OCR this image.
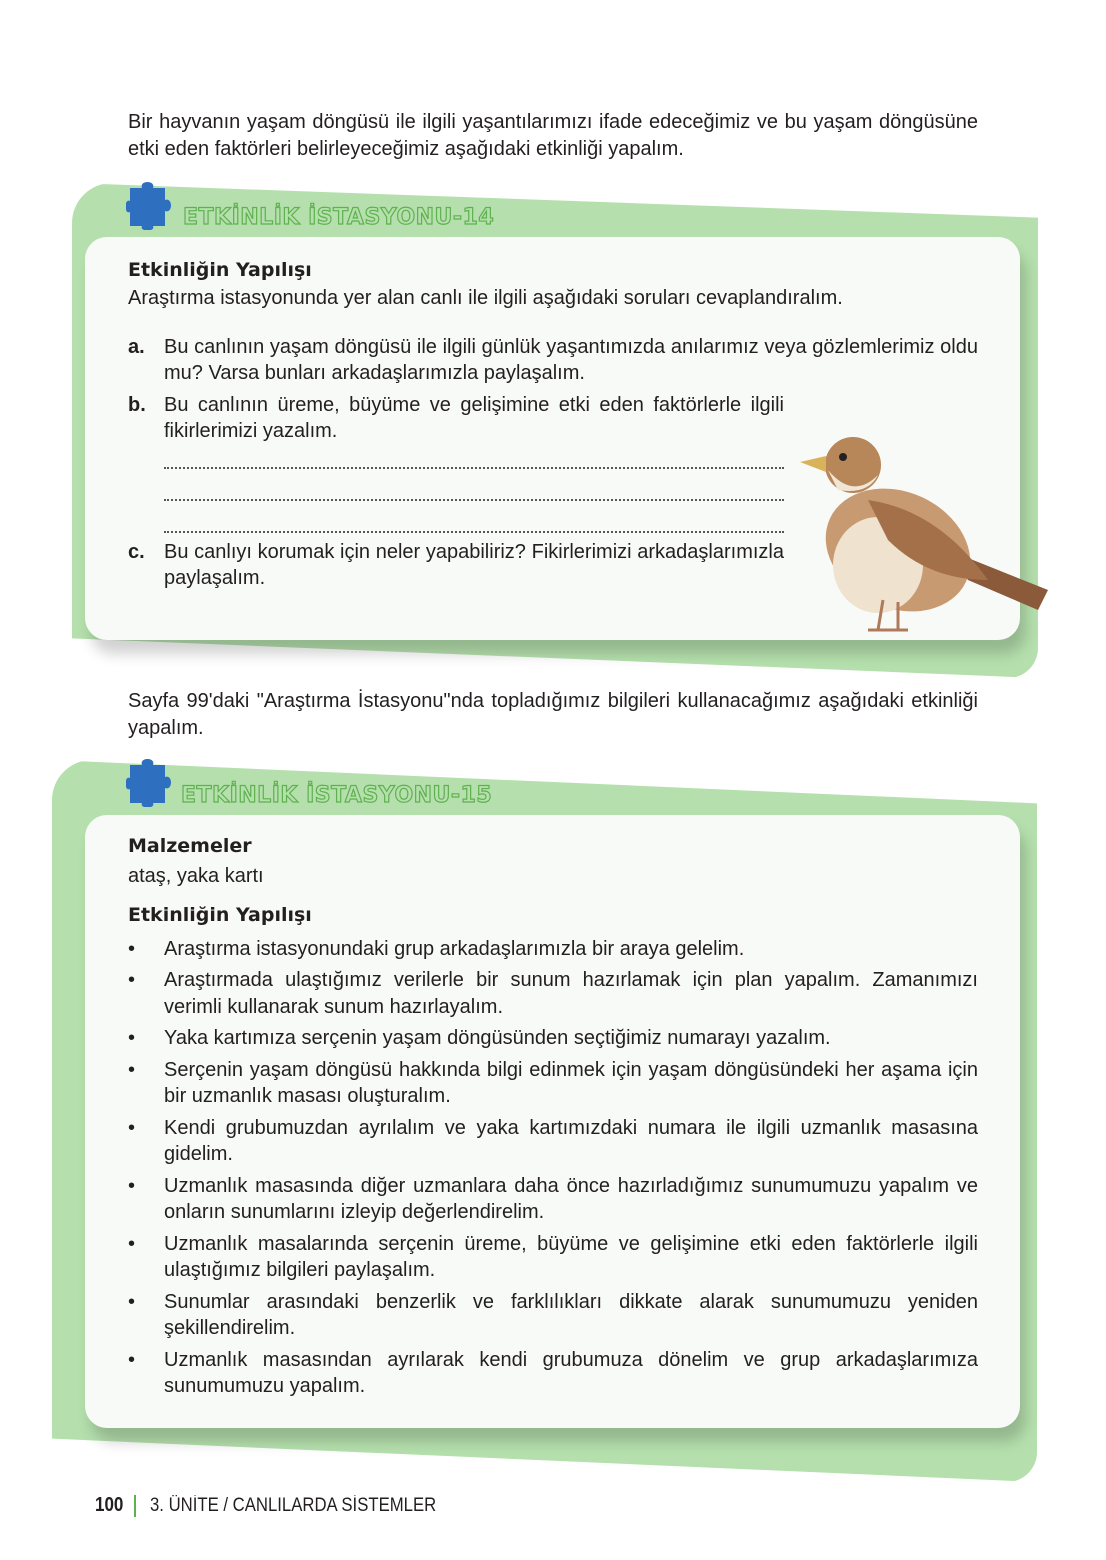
Bir hayvanın yaşam döngüsü ile ilgili yaşantılarımızı ifade edeceğimiz ve bu yaşam döngüsüne etki eden faktörleri belirleyeceğimiz aşağıdaki etkinliği yapalım.

Etkinliğin Yapılışı

Araştırma istasyonunda yer alan canlı ile ilgili aşağıdaki soruları cevaplandıralım.

a. Bu canlının yaşam döngüsü ile ilgili günlük yaşantımızda anılarımız veya gözlemlerimiz oldu mu? Varsa bunları arkadaşlarımızla paylaşalım.
b. Bu canlının üreme, büyüme ve gelişimine etki eden faktörlerle ilgili fikirlerimizi yazalım.
c. Bu canlıyı korumak için neler yapabiliriz? Fikirlerimizi arkadaşlarımızla paylaşalım.
ETKİNLİK İSTASYONU-14

Sayfa 99'daki "Araştırma İstasyonu"nda topladığımız bilgileri kullanacağımız aşağıdaki etkinliği yapalım.

Malzemeler

ataş, yaka kartı

Etkinliğin Yapılışı

• Araştırma istasyonundaki grup arkadaşlarımızla bir araya gelelim.
• Araştırmada ulaştığımız verilerle bir sunum hazırlamak için plan yapalım. Zamanımızı verimli kullanarak sunum hazırlayalım.
• Yaka kartımıza serçenin yaşam döngüsünden seçtiğimiz numarayı yazalım.
• Serçenin yaşam döngüsü hakkında bilgi edinmek için yaşam döngüsündeki her aşama için bir uzmanlık masası oluşturalım.
• Kendi grubumuzdan ayrılalım ve yaka kartımızdaki numara ile ilgili uzmanlık masasına gidelim.
• Uzmanlık masasında diğer uzmanlara daha önce hazırladığımız sunumumuzu yapalım ve onların sunumlarını izleyip değerlendirelim.
• Uzmanlık masalarında serçenin üreme, büyüme ve gelişimine etki eden faktörlerle ilgili ulaştığımız bilgileri paylaşalım.
• Sunumlar arasındaki benzerlik ve farklılıkları dikkate alarak sunumumuzu yeniden şekillendirelim.
• Uzmanlık masasından ayrılarak kendi grubumuza dönelim ve grup arkadaşlarımıza sunumumuzu yapalım.
ETKİNLİK İSTASYONU-15
100 3. ÜNİTE / CANLILARDA SİSTEMLER
